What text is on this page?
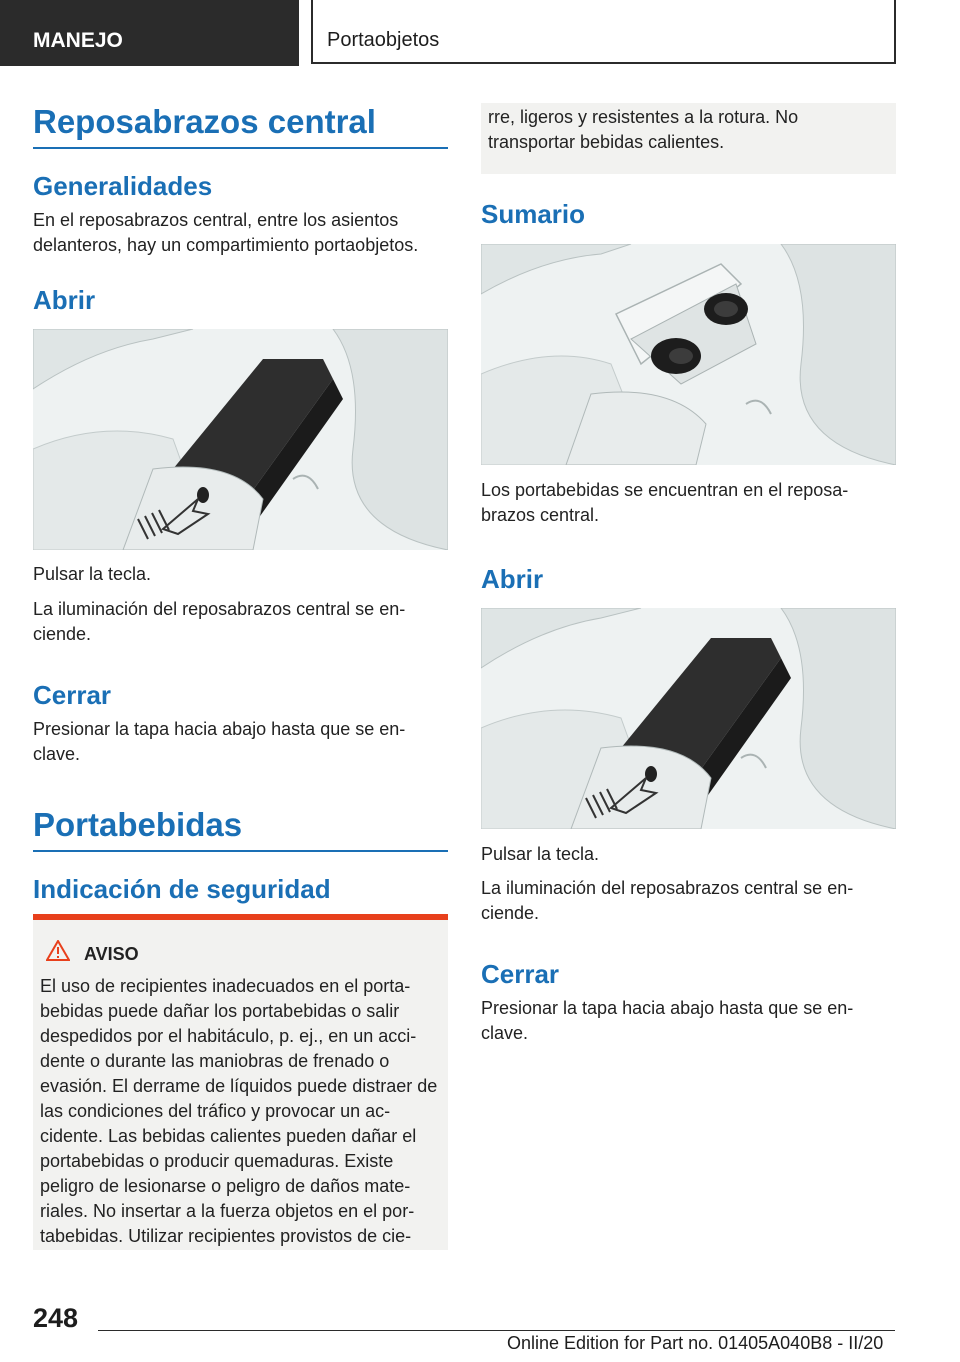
MANEJO	Portaobjetos
Reposabrazos central
Generalidades
En el reposabrazos central, entre los asientos delanteros, hay un compartimiento portaobjetos.
Abrir
Pulsar la tecla.
La iluminación del reposabrazos central se en-ciende.
Cerrar
Presionar la tapa hacia abajo hasta que se en-clave.
Portabebidas
Indicación de seguridad
AVISO
El uso de recipientes inadecuados en el porta-bebidas puede dañar los portabebidas o salir despedidos por el habitáculo, p. ej., en un acci-dente o durante las maniobras de frenado o evasión. El derrame de líquidos puede distraer de las condiciones del tráfico y provocar un ac-cidente. Las bebidas calientes pueden dañar el portabebidas o producir quemaduras. Existe peligro de lesionarse o peligro de daños mate-riales. No insertar a la fuerza objetos en el por-tabebidas. Utilizar recipientes provistos de cie-
rre, ligeros y resistentes a la rotura. No transportar bebidas calientes.
Sumario
Los portabebidas se encuentran en el reposa-brazos central.
Abrir
Pulsar la tecla.
La iluminación del reposabrazos central se en-ciende.
Cerrar
Presionar la tapa hacia abajo hasta que se en-clave.
248
Online Edition for Part no. 01405A040B8 - II/20
